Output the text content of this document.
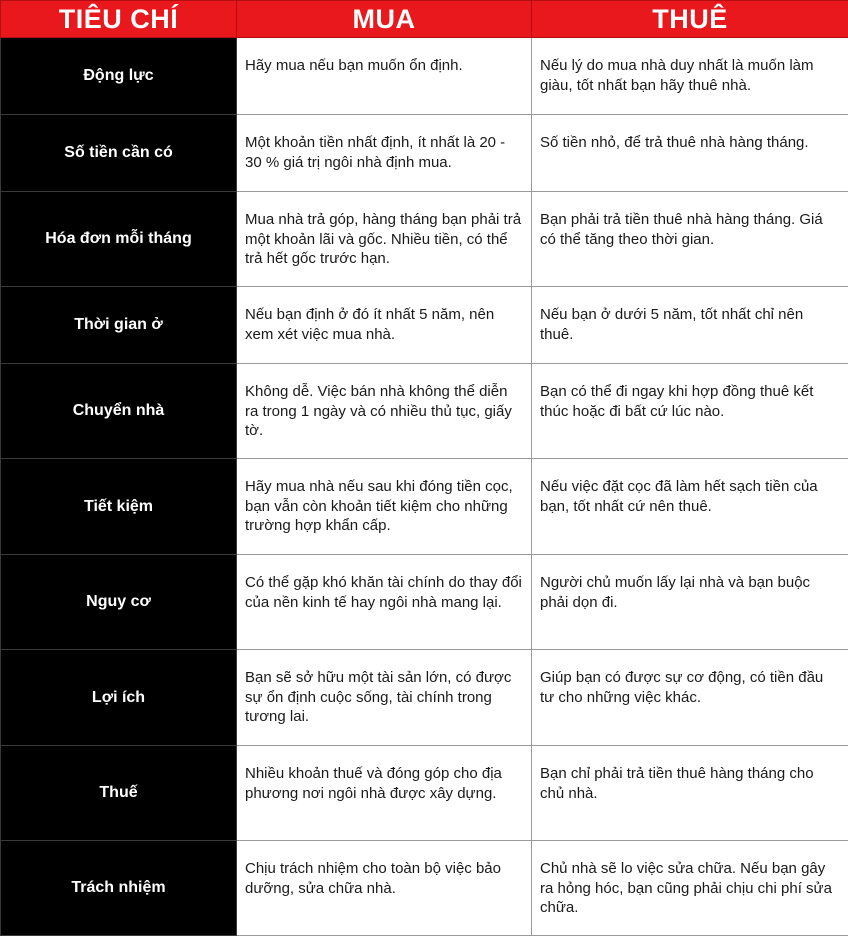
TIÊU CHÍ	MUA	THUÊ
Động lực	Hãy mua nếu bạn muốn ổn định.	Nếu lý do mua nhà duy nhất là muốn làm giàu, tốt nhất bạn hãy thuê nhà.
Số tiền cần có	Một khoản tiền nhất định, ít nhất là 20 - 30 % giá trị ngôi nhà định mua.	Số tiền nhỏ, để trả thuê nhà hàng tháng.
Hóa đơn mỗi tháng	Mua nhà trả góp, hàng tháng bạn phải trả một khoản lãi và gốc. Nhiều tiền, có thể trả hết gốc trước hạn.	Bạn phải trả tiền thuê nhà hàng tháng. Giá có thể tăng theo thời gian.
Thời gian ở	Nếu bạn định ở đó ít nhất 5 năm, nên xem xét việc mua nhà.	Nếu bạn ở dưới 5 năm, tốt nhất chỉ nên thuê.
Chuyển nhà	Không dễ. Việc bán nhà không thể diễn ra trong 1 ngày và có nhiều thủ tục, giấy tờ.	Bạn có thể đi ngay khi hợp đồng thuê kết thúc hoặc đi bất cứ lúc nào.
Tiết kiệm	Hãy mua nhà nếu sau khi đóng tiền cọc, bạn vẫn còn khoản tiết kiệm cho những trường hợp khẩn cấp.	Nếu việc đặt cọc đã làm hết sạch tiền của bạn, tốt nhất cứ nên thuê.
Nguy cơ	Có thể gặp khó khăn tài chính do thay đổi của nền kinh tế hay ngôi nhà mang lại.	Người chủ muốn lấy lại nhà và bạn buộc phải dọn đi.
Lợi ích	Bạn sẽ sở hữu một tài sản lớn, có được sự ổn định cuộc sống, tài chính trong tương lai.	Giúp bạn có được sự cơ động, có tiền đầu tư cho những việc khác.
Thuế	Nhiều khoản thuế và đóng góp cho địa phương nơi ngôi nhà được xây dựng.	Bạn chỉ phải trả tiền thuê hàng tháng cho chủ nhà.
Trách nhiệm	Chịu trách nhiệm cho toàn bộ việc bảo dưỡng, sửa chữa nhà.	Chủ nhà sẽ lo việc sửa chữa. Nếu bạn gây ra hỏng hóc, bạn cũng phải chịu chi phí sửa chữa.
